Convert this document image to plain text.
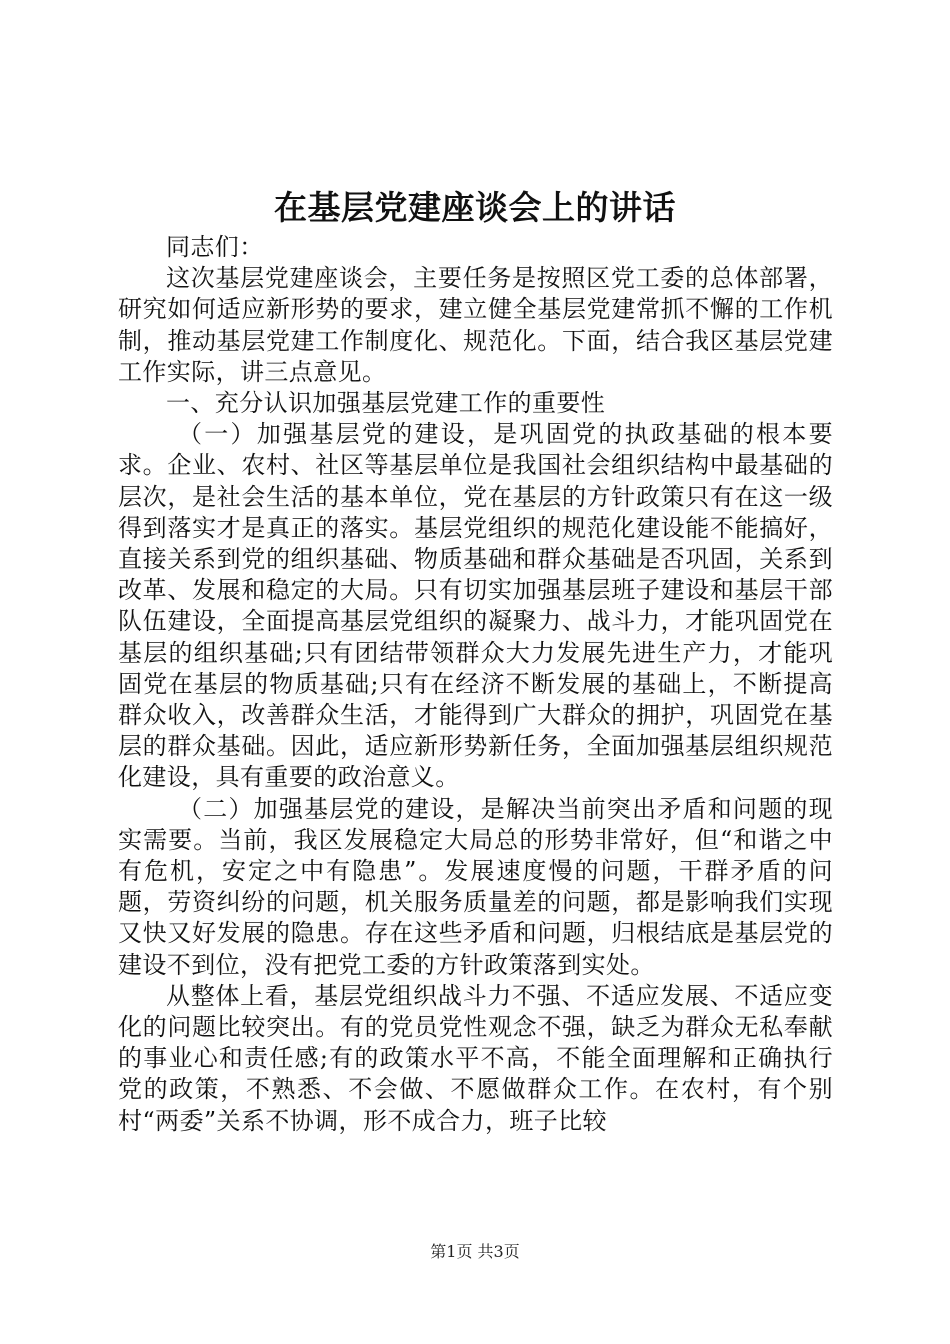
在基层党建座谈会上的讲话

同志们：

这次基层党建座谈会，主要任务是按照区党工委的总体部署，研究如何适应新形势的要求，建立健全基层党建常抓不懈的工作机制，推动基层党建工作制度化、规范化。下面，结合我区基层党建工作实际，讲三点意见。

一、充分认识加强基层党建工作的重要性

（一）加强基层党的建设，是巩固党的执政基础的根本要求。企业、农村、社区等基层单位是我国社会组织结构中最基础的层次，是社会生活的基本单位，党在基层的方针政策只有在这一级得到落实才是真正的落实。基层党组织的规范化建设能不能搞好，直接关系到党的组织基础、物质基础和群众基础是否巩固，关系到改革、发展和稳定的大局。只有切实加强基层班子建设和基层干部队伍建设，全面提高基层党组织的凝聚力、战斗力，才能巩固党在基层的组织基础;只有团结带领群众大力发展先进生产力，才能巩固党在基层的物质基础;只有在经济不断发展的基础上，不断提高群众收入，改善群众生活，才能得到广大群众的拥护，巩固党在基层的群众基础。因此，适应新形势新任务，全面加强基层组织规范化建设，具有重要的政治意义。

（二）加强基层党的建设，是解决当前突出矛盾和问题的现实需要。当前，我区发展稳定大局总的形势非常好，但“和谐之中有危机，安定之中有隐患”。发展速度慢的问题，干群矛盾的问题，劳资纠纷的问题，机关服务质量差的问题，都是影响我们实现又快又好发展的隐患。存在这些矛盾和问题，归根结底是基层党的建设不到位，没有把党工委的方针政策落到实处。

从整体上看，基层党组织战斗力不强、不适应发展、不适应变化的问题比较突出。有的党员党性观念不强，缺乏为群众无私奉献的事业心和责任感;有的政策水平不高，不能全面理解和正确执行党的政策，不熟悉、不会做、不愿做群众工作。在农村，有个别村“两委”关系不协调，形不成合力，班子比较

第1页 共3页
